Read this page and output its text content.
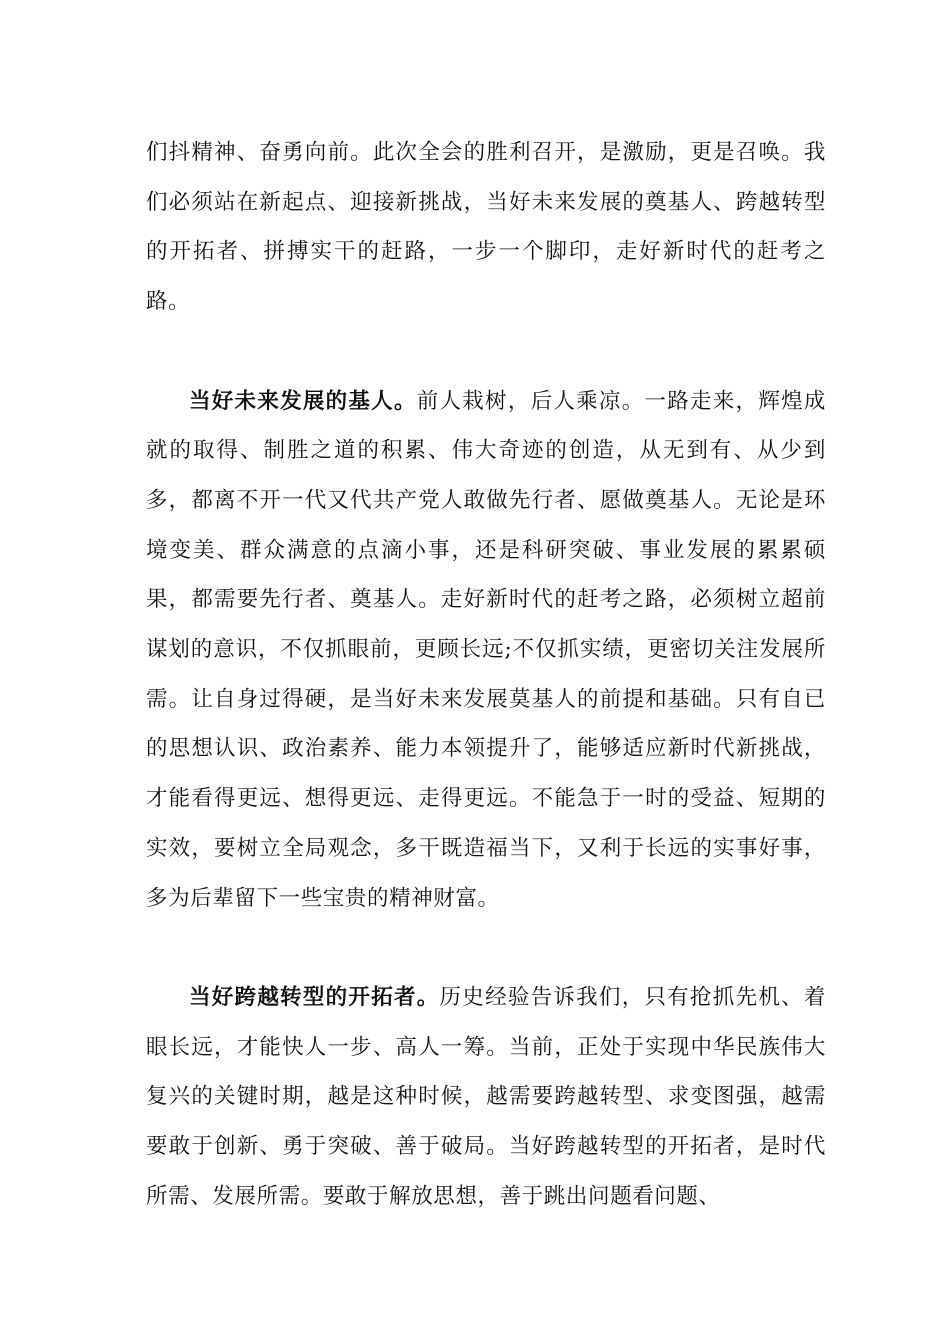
们抖精神、奋勇向前。此次全会的胜利召开，是激励，更是召唤。我们必须站在新起点、迎接新挑战，当好未来发展的奠基人、跨越转型的开拓者、拼搏实干的赶路，一步一个脚印，走好新时代的赶考之路。

当好未来发展的基人。前人栽树，后人乘凉。一路走来，辉煌成就的取得、制胜之道的积累、伟大奇迹的创造，从无到有、从少到多，都离不开一代又代共产党人敢做先行者、愿做奠基人。无论是环境变美、群众满意的点滴小事，还是科研突破、事业发展的累累硕果，都需要先行者、奠基人。走好新时代的赶考之路，必须树立超前谋划的意识，不仅抓眼前，更顾长远;不仅抓实绩，更密切关注发展所需。让自身过得硬，是当好未来发展莫基人的前提和基础。只有自已的思想认识、政治素养、能力本领提升了，能够适应新时代新挑战，才能看得更远、想得更远、走得更远。不能急于一时的受益、短期的实效，要树立全局观念，多干既造福当下，又利于长远的实事好事，多为后辈留下一些宝贵的精神财富。

当好跨越转型的开拓者。历史经验告诉我们，只有抢抓先机、着眼长远，才能快人一步、高人一筹。当前，正处于实现中华民族伟大复兴的关键时期，越是这种时候，越需要跨越转型、求变图强，越需要敢于创新、勇于突破、善于破局。当好跨越转型的开拓者，是时代所需、发展所需。要敢于解放思想，善于跳出问题看问题、
